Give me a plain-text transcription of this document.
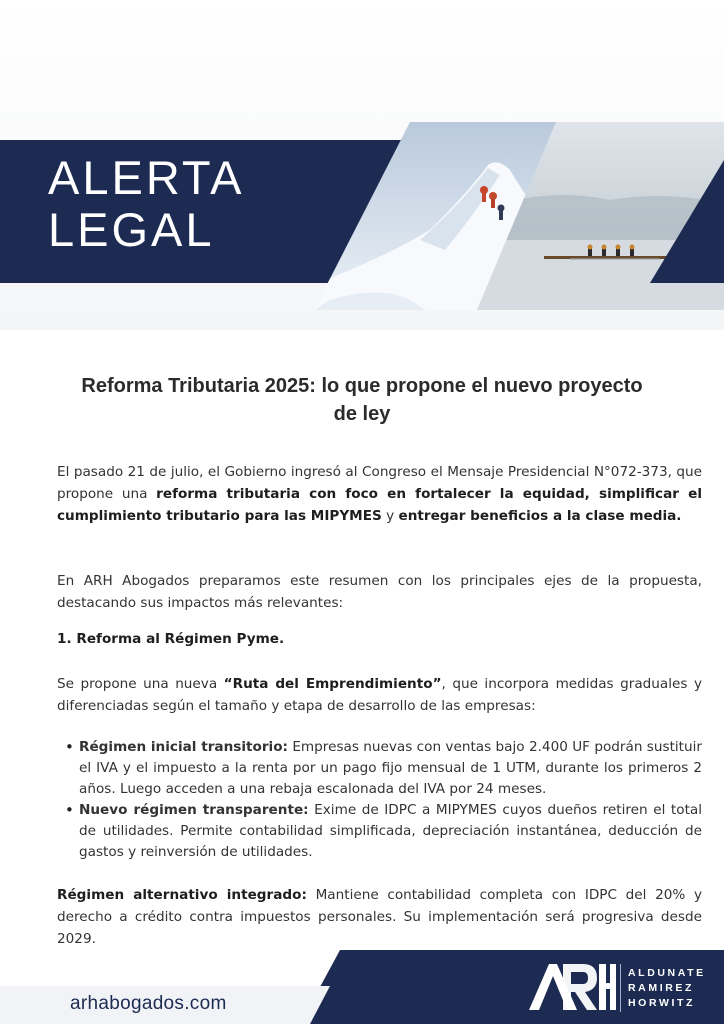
ALERTA
LEGAL
Reforma Tributaria 2025: lo que propone el nuevo proyecto de ley
El pasado 21 de julio, el Gobierno ingresó al Congreso el Mensaje Presidencial N°072-373, que propone una reforma tributaria con foco en fortalecer la equidad, simplificar el cumplimiento tributario para las MIPYMES y entregar beneficios a la clase media.
En ARH Abogados preparamos este resumen con los principales ejes de la propuesta, destacando sus impactos más relevantes:
1. Reforma al Régimen Pyme.
Se propone una nueva “Ruta del Emprendimiento”, que incorpora medidas graduales y diferenciadas según el tamaño y etapa de desarrollo de las empresas:
• Régimen inicial transitorio: Empresas nuevas con ventas bajo 2.400 UF podrán sustituir el IVA y el impuesto a la renta por un pago fijo mensual de 1 UTM, durante los primeros 2 años. Luego acceden a una rebaja escalonada del IVA por 24 meses.
• Nuevo régimen transparente: Exime de IDPC a MIPYMES cuyos dueños retiren el total de utilidades. Permite contabilidad simplificada, depreciación instantánea, deducción de gastos y reinversión de utilidades.
Régimen alternativo integrado: Mantiene contabilidad completa con IDPC del 20% y derecho a crédito contra impuestos personales. Su implementación será progresiva desde 2029.
arhabogados.com
ALDUNATE
RAMIREZ
HORWITZ
